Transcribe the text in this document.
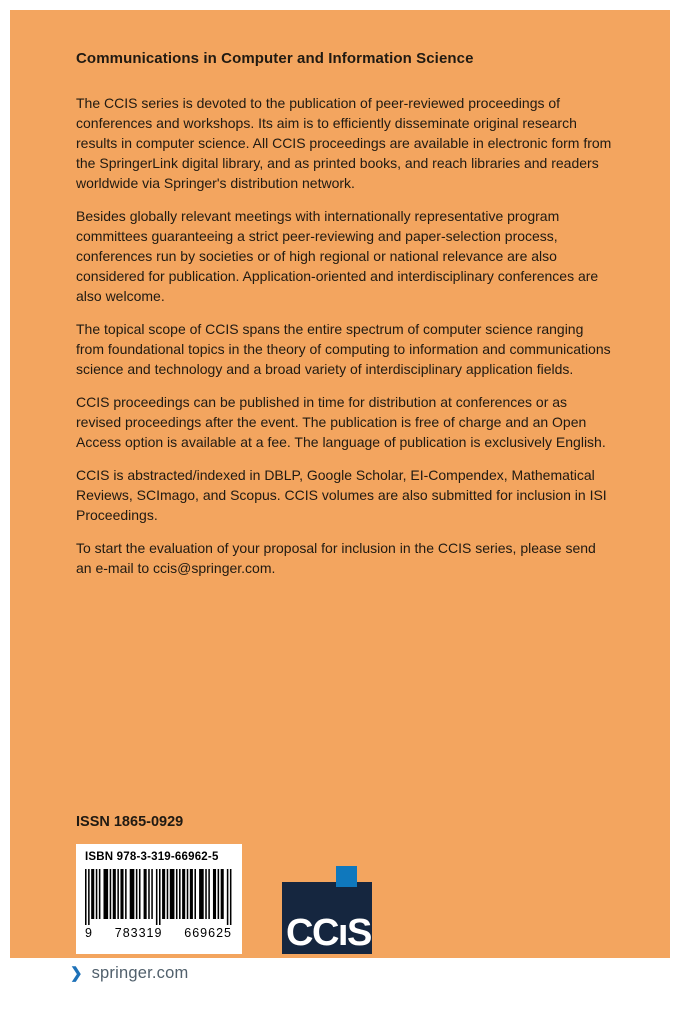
Communications in Computer and Information Science

The CCIS series is devoted to the publication of peer-reviewed proceedings of conferences and workshops. Its aim is to efficiently disseminate original research results in computer science. All CCIS proceedings are available in electronic form from the SpringerLink digital library, and as printed books, and reach libraries and readers worldwide via Springer's distribution network.

Besides globally relevant meetings with internationally representative program committees guaranteeing a strict peer-reviewing and paper-selection process, conferences run by societies or of high regional or national relevance are also considered for publication. Application-oriented and interdisciplinary conferences are also welcome.

The topical scope of CCIS spans the entire spectrum of computer science ranging from foundational topics in the theory of computing to information and communications science and technology and a broad variety of interdisciplinary application fields.

CCIS proceedings can be published in time for distribution at conferences or as revised proceedings after the event. The publication is free of charge and an Open Access option is available at a fee. The language of publication is exclusively English.

CCIS is abstracted/indexed in DBLP, Google Scholar, EI-Compendex, Mathematical Reviews, SCImago, and Scopus. CCIS volumes are also submitted for inclusion in ISI Proceedings.

To start the evaluation of your proposal for inclusion in the CCIS series, please send an e-mail to ccis@springer.com.

ISSN 1865-0929
ISBN 978-3-319-66962-5
9 783319 669625 CCıS
❯ springer.com
